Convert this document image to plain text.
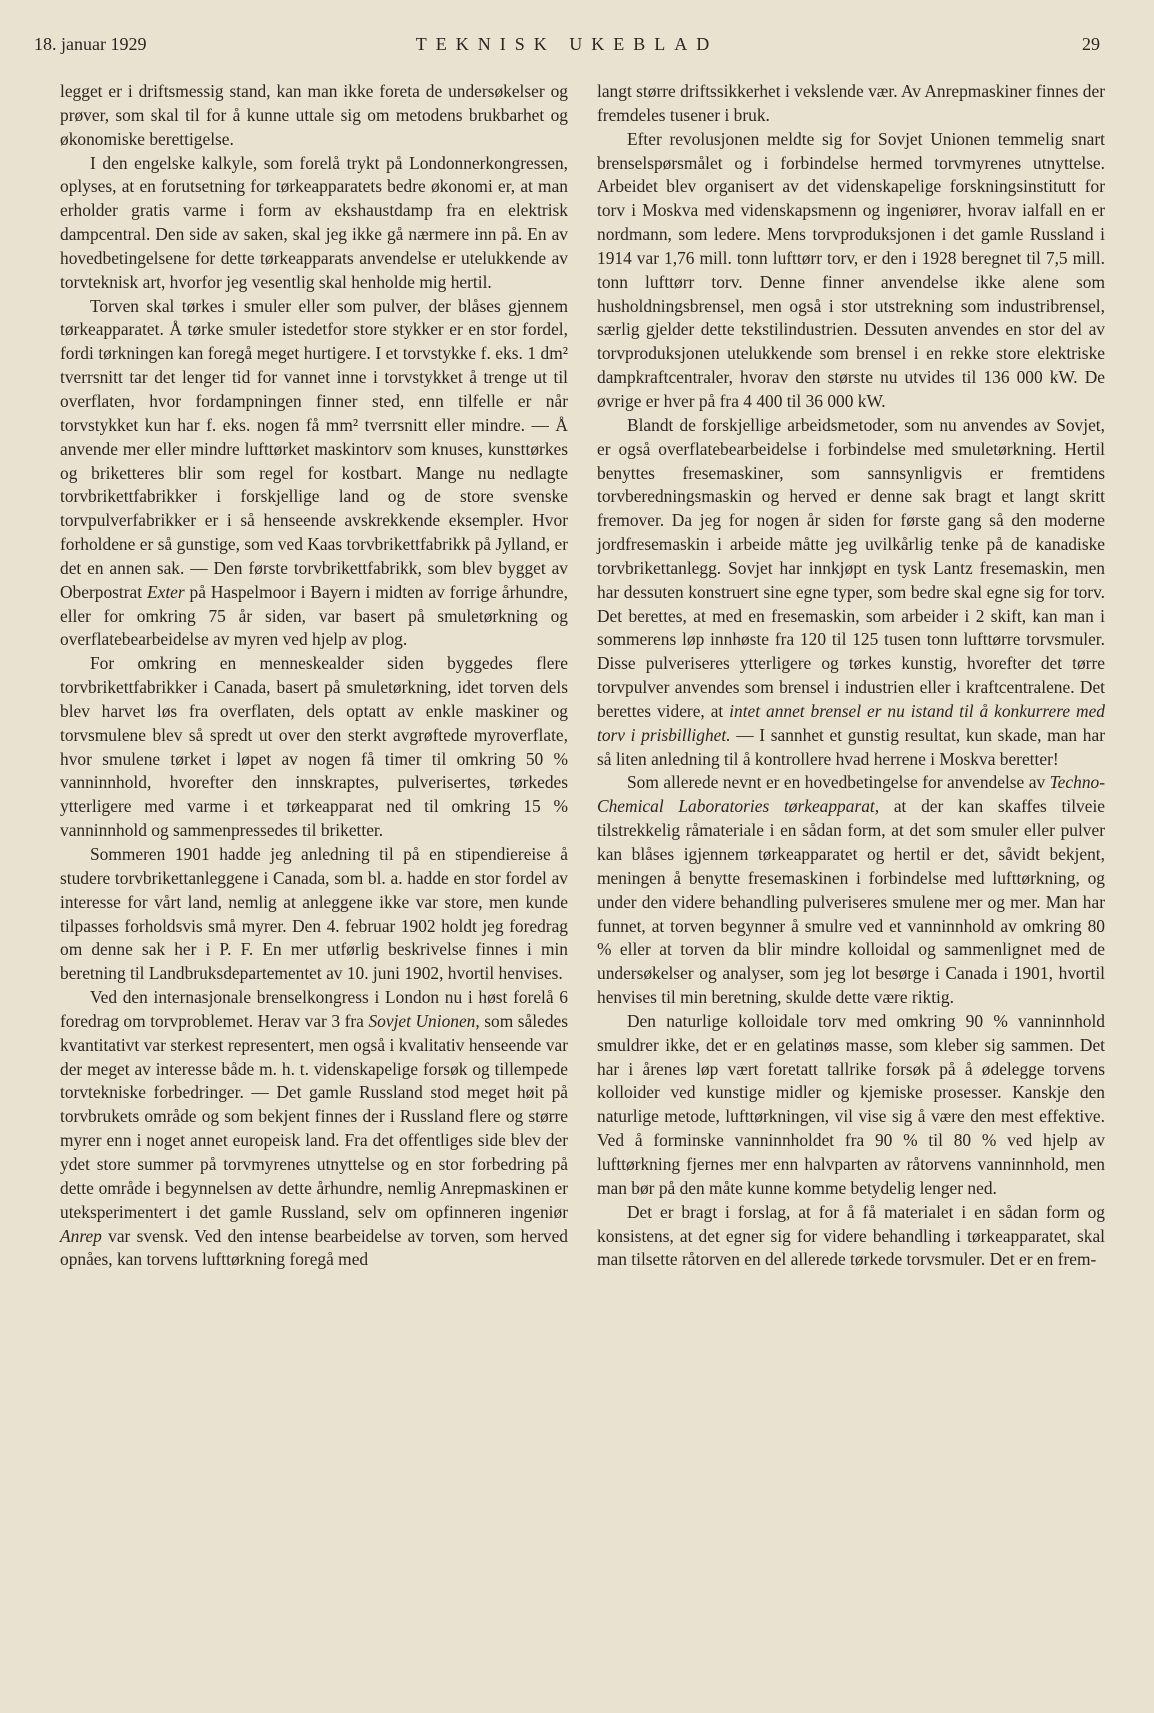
18. januar 1929	TEKNISK UKEBLAD	29

legget er i driftsmessig stand, kan man ikke foreta de undersøkelser og prøver, som skal til for å kunne uttale sig om metodens brukbarhet og økonomiske berettigelse.

I den engelske kalkyle, som forelå trykt på Londonnerkongressen, oplyses, at en forutsetning for tørkeapparatets bedre økonomi er, at man erholder gratis varme i form av ekshaustdamp fra en elektrisk dampcentral. Den side av saken, skal jeg ikke gå nærmere inn på. En av hovedbetingelsene for dette tørkeapparats anvendelse er utelukkende av torvteknisk art, hvorfor jeg vesentlig skal henholde mig hertil.

Torven skal tørkes i smuler eller som pulver, der blåses gjennem tørkeapparatet. Å tørke smuler istedetfor store stykker er en stor fordel, fordi tørkningen kan foregå meget hurtigere. I et torvstykke f. eks. 1 dm² tverrsnitt tar det lenger tid for vannet inne i torvstykket å trenge ut til overflaten, hvor fordampningen finner sted, enn tilfelle er når torvstykket kun har f. eks. nogen få mm² tverrsnitt eller mindre. — Å anvende mer eller mindre lufttørket maskintorv som knuses, kunsttørkes og briketteres blir som regel for kostbart. Mange nu nedlagte torvbrikettfabrikker i forskjellige land og de store svenske torvpulverfabrikker er i så henseende avskrekkende eksempler. Hvor forholdene er så gunstige, som ved Kaas torvbrikettfabrikk på Jylland, er det en annen sak. — Den første torvbrikettfabrikk, som blev bygget av Oberpostrat Exter på Haspelmoor i Bayern i midten av forrige århundre, eller for omkring 75 år siden, var basert på smuletørkning og overflatebearbeidelse av myren ved hjelp av plog.

For omkring en menneskealder siden byggedes flere torvbrikettfabrikker i Canada, basert på smuletørkning, idet torven dels blev harvet løs fra overflaten, dels optatt av enkle maskiner og torvsmulene blev så spredt ut over den sterkt avgrøftede myroverflate, hvor smulene tørket i løpet av nogen få timer til omkring 50 % vanninnhold, hvorefter den innskraptes, pulverisertes, tørkedes ytterligere med varme i et tørkeapparat ned til omkring 15 % vanninnhold og sammenpressedes til briketter.

Sommeren 1901 hadde jeg anledning til på en stipendiereise å studere torvbrikettanleggene i Canada, som bl. a. hadde en stor fordel av interesse for vårt land, nemlig at anleggene ikke var store, men kunde tilpasses forholdsvis små myrer. Den 4. februar 1902 holdt jeg foredrag om denne sak her i P. F. En mer utførlig beskrivelse finnes i min beretning til Landbruksdepartementet av 10. juni 1902, hvortil henvises.

Ved den internasjonale brenselkongress i London nu i høst forelå 6 foredrag om torvproblemet. Herav var 3 fra Sovjet Unionen, som således kvantitativt var sterkest representert, men også i kvalitativ henseende var der meget av interesse både m. h. t. videnskapelige forsøk og tillempede torvtekniske forbedringer. — Det gamle Russland stod meget høit på torvbrukets område og som bekjent finnes der i Russland flere og større myrer enn i noget annet europeisk land. Fra det offentliges side blev der ydet store summer på torvmyrenes utnyttelse og en stor forbedring på dette område i begynnelsen av dette århundre, nemlig Anrepmaskinen er uteksperimentert i det gamle Russland, selv om opfinneren ingeniør Anrep var svensk. Ved den intense bearbeidelse av torven, som herved opnåes, kan torvens lufttørkning foregå med

langt større driftssikkerhet i vekslende vær. Av Anrepmaskiner finnes der fremdeles tusener i bruk.

Efter revolusjonen meldte sig for Sovjet Unionen temmelig snart brenselspørsmålet og i forbindelse hermed torvmyrenes utnyttelse. Arbeidet blev organisert av det videnskapelige forskningsinstitutt for torv i Moskva med videnskapsmenn og ingeniører, hvorav ialfall en er nordmann, som ledere. Mens torvproduksjonen i det gamle Russland i 1914 var 1,76 mill. tonn lufttørr torv, er den i 1928 beregnet til 7,5 mill. tonn lufttørr torv. Denne finner anvendelse ikke alene som husholdningsbrensel, men også i stor utstrekning som industribrensel, særlig gjelder dette tekstilindustrien. Dessuten anvendes en stor del av torvproduksjonen utelukkende som brensel i en rekke store elektriske dampkraftcentraler, hvorav den største nu utvides til 136 000 kW. De øvrige er hver på fra 4 400 til 36 000 kW.

Blandt de forskjellige arbeidsmetoder, som nu anvendes av Sovjet, er også overflatebearbeidelse i forbindelse med smuletørkning. Hertil benyttes fresemaskiner, som sannsynligvis er fremtidens torvberedningsmaskin og herved er denne sak bragt et langt skritt fremover. Da jeg for nogen år siden for første gang så den moderne jordfresemaskin i arbeide måtte jeg uvilkårlig tenke på de kanadiske torvbrikettanlegg. Sovjet har innkjøpt en tysk Lantz fresemaskin, men har dessuten konstruert sine egne typer, som bedre skal egne sig for torv. Det berettes, at med en fresemaskin, som arbeider i 2 skift, kan man i sommerens løp innhøste fra 120 til 125 tusen tonn lufttørre torvsmuler. Disse pulveriseres ytterligere og tørkes kunstig, hvorefter det tørre torvpulver anvendes som brensel i industrien eller i kraftcentralene. Det berettes videre, at intet annet brensel er nu istand til å konkurrere med torv i prisbillighet. — I sannhet et gunstig resultat, kun skade, man har så liten anledning til å kontrollere hvad herrene i Moskva beretter!

Som allerede nevnt er en hovedbetingelse for anvendelse av Techno-Chemical Laboratories tørkeapparat, at der kan skaffes tilveie tilstrekkelig råmateriale i en sådan form, at det som smuler eller pulver kan blåses igjennem tørkeapparatet og hertil er det, såvidt bekjent, meningen å benytte fresemaskinen i forbindelse med lufttørkning, og under den videre behandling pulveriseres smulene mer og mer. Man har funnet, at torven begynner å smulre ved et vanninnhold av omkring 80 % eller at torven da blir mindre kolloidal og sammenlignet med de undersøkelser og analyser, som jeg lot besørge i Canada i 1901, hvortil henvises til min beretning, skulde dette være riktig.

Den naturlige kolloidale torv med omkring 90 % vanninnhold smuldrer ikke, det er en gelatinøs masse, som kleber sig sammen. Det har i årenes løp vært foretatt tallrike forsøk på å ødelegge torvens kolloider ved kunstige midler og kjemiske prosesser. Kanskje den naturlige metode, lufttørkningen, vil vise sig å være den mest effektive. Ved å forminske vanninnholdet fra 90 % til 80 % ved hjelp av lufttørkning fjernes mer enn halvparten av råtorvens vanninnhold, men man bør på den måte kunne komme betydelig lenger ned.

Det er bragt i forslag, at for å få materialet i en sådan form og konsistens, at det egner sig for videre behandling i tørkeapparatet, skal man tilsette råtorven en del allerede tørkede torvsmuler. Det er en frem-
